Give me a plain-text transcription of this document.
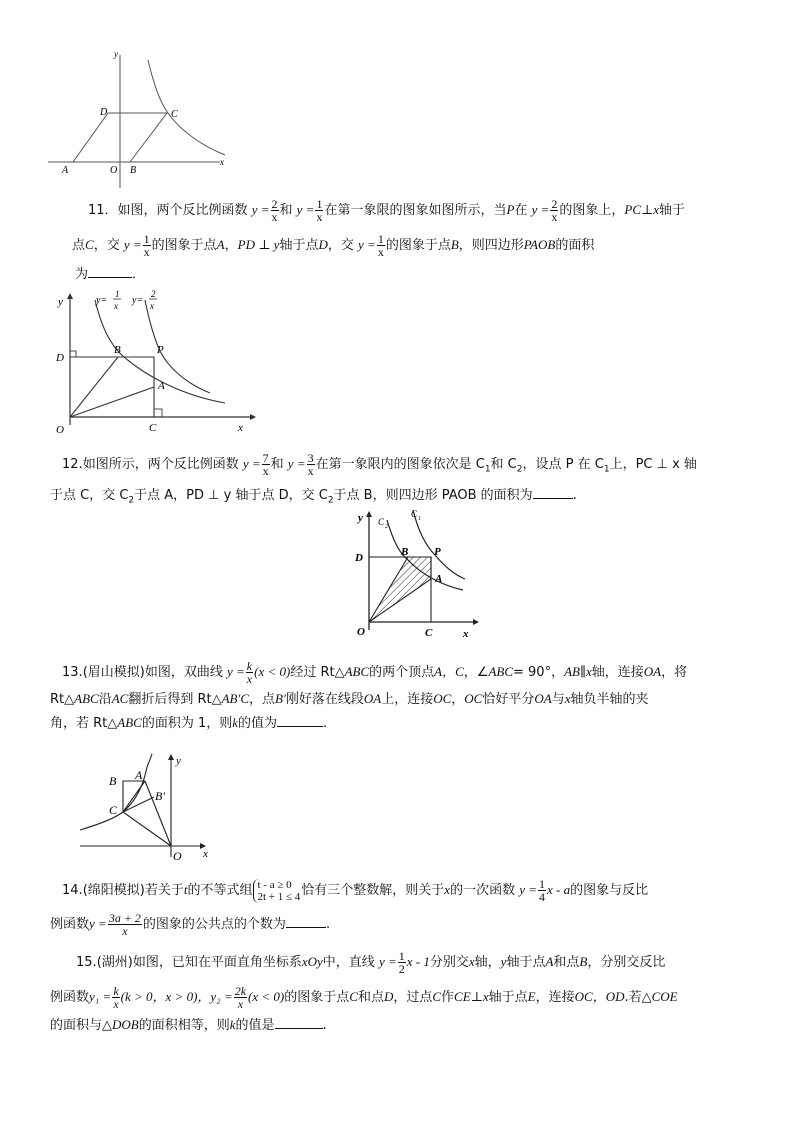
y
x
D	C
A	O B
11．如图，两个反比例函数 $y = \frac{2}{x}$ 和 $y = \frac{1}{x}$ 在第一象限的图象如图所示，当P在 $y = \frac{2}{x}$ 的图象上，PC⊥x轴于
点C，交 $y = \frac{1}{x}$ 的图象于点A，PD ⊥ y轴于点D，交 $y = \frac{1}{x}$ 的图象于点B，则四边形PAOB的面积
为	．
y
x
O
D
B	P
A
C
y=
1
x y=
2
x
12.如图所示，两个反比例函数 $y = \frac{7}{x}$ 和 $y = \frac{3}{x}$ 在第一象限内的图象依次是 $C_1$和 $C_2$，设点 P 在 $C_1$上，PC ⊥ x 轴
于点 C，交 $C_2$于点 A，PD ⊥ y 轴于点 D，交 $C_2$于点 B，则四边形 PAOB 的面积为	.
y
x
O
D	B P
A
C
C 2
C 1
13.(眉山模拟)如图，双曲线 $y = \frac{k}{x} (x < 0)$经过 Rt△ABC的两个顶点A，C，∠ABC= 90°，AB∥x轴，连接OA，将
Rt△ABC沿AC翻折后得到 Rt△AB′C，点B′刚好落在线段OA上，连接OC，OC恰好平分OA与x轴负半轴的夹
角，若 Rt△ABC的面积为 1，则k的值为	.
y
x
O
A
B
C
B′
14.(绵阳模拟)若关于t的不等式组 t - a ≥ 0
2t + 1 ≤ 4 恰有三个整数解，则关于x的一次函数 $y = \frac{1}{4}$ x - a的图象与反比
例函数$y = \frac{3a + 2}{x}$ 的图象的公共点的个数为	.
15.(湖州)如图，已知在平面直角坐标系xOy中，直线 $y = \frac{1}{2}$ x - 1分别交x轴，y轴于点A和点B，分别交反比
例函数$y_1 = \frac{k}{x} (k > 0$，x > 0)，$y_2 = \frac{2k}{x} (x < 0)$的图象于点C和点D，过点C作CE⊥x轴于点E，连接OC，OD.若△COE
的面积与△DOB的面积相等，则k的值是	.
